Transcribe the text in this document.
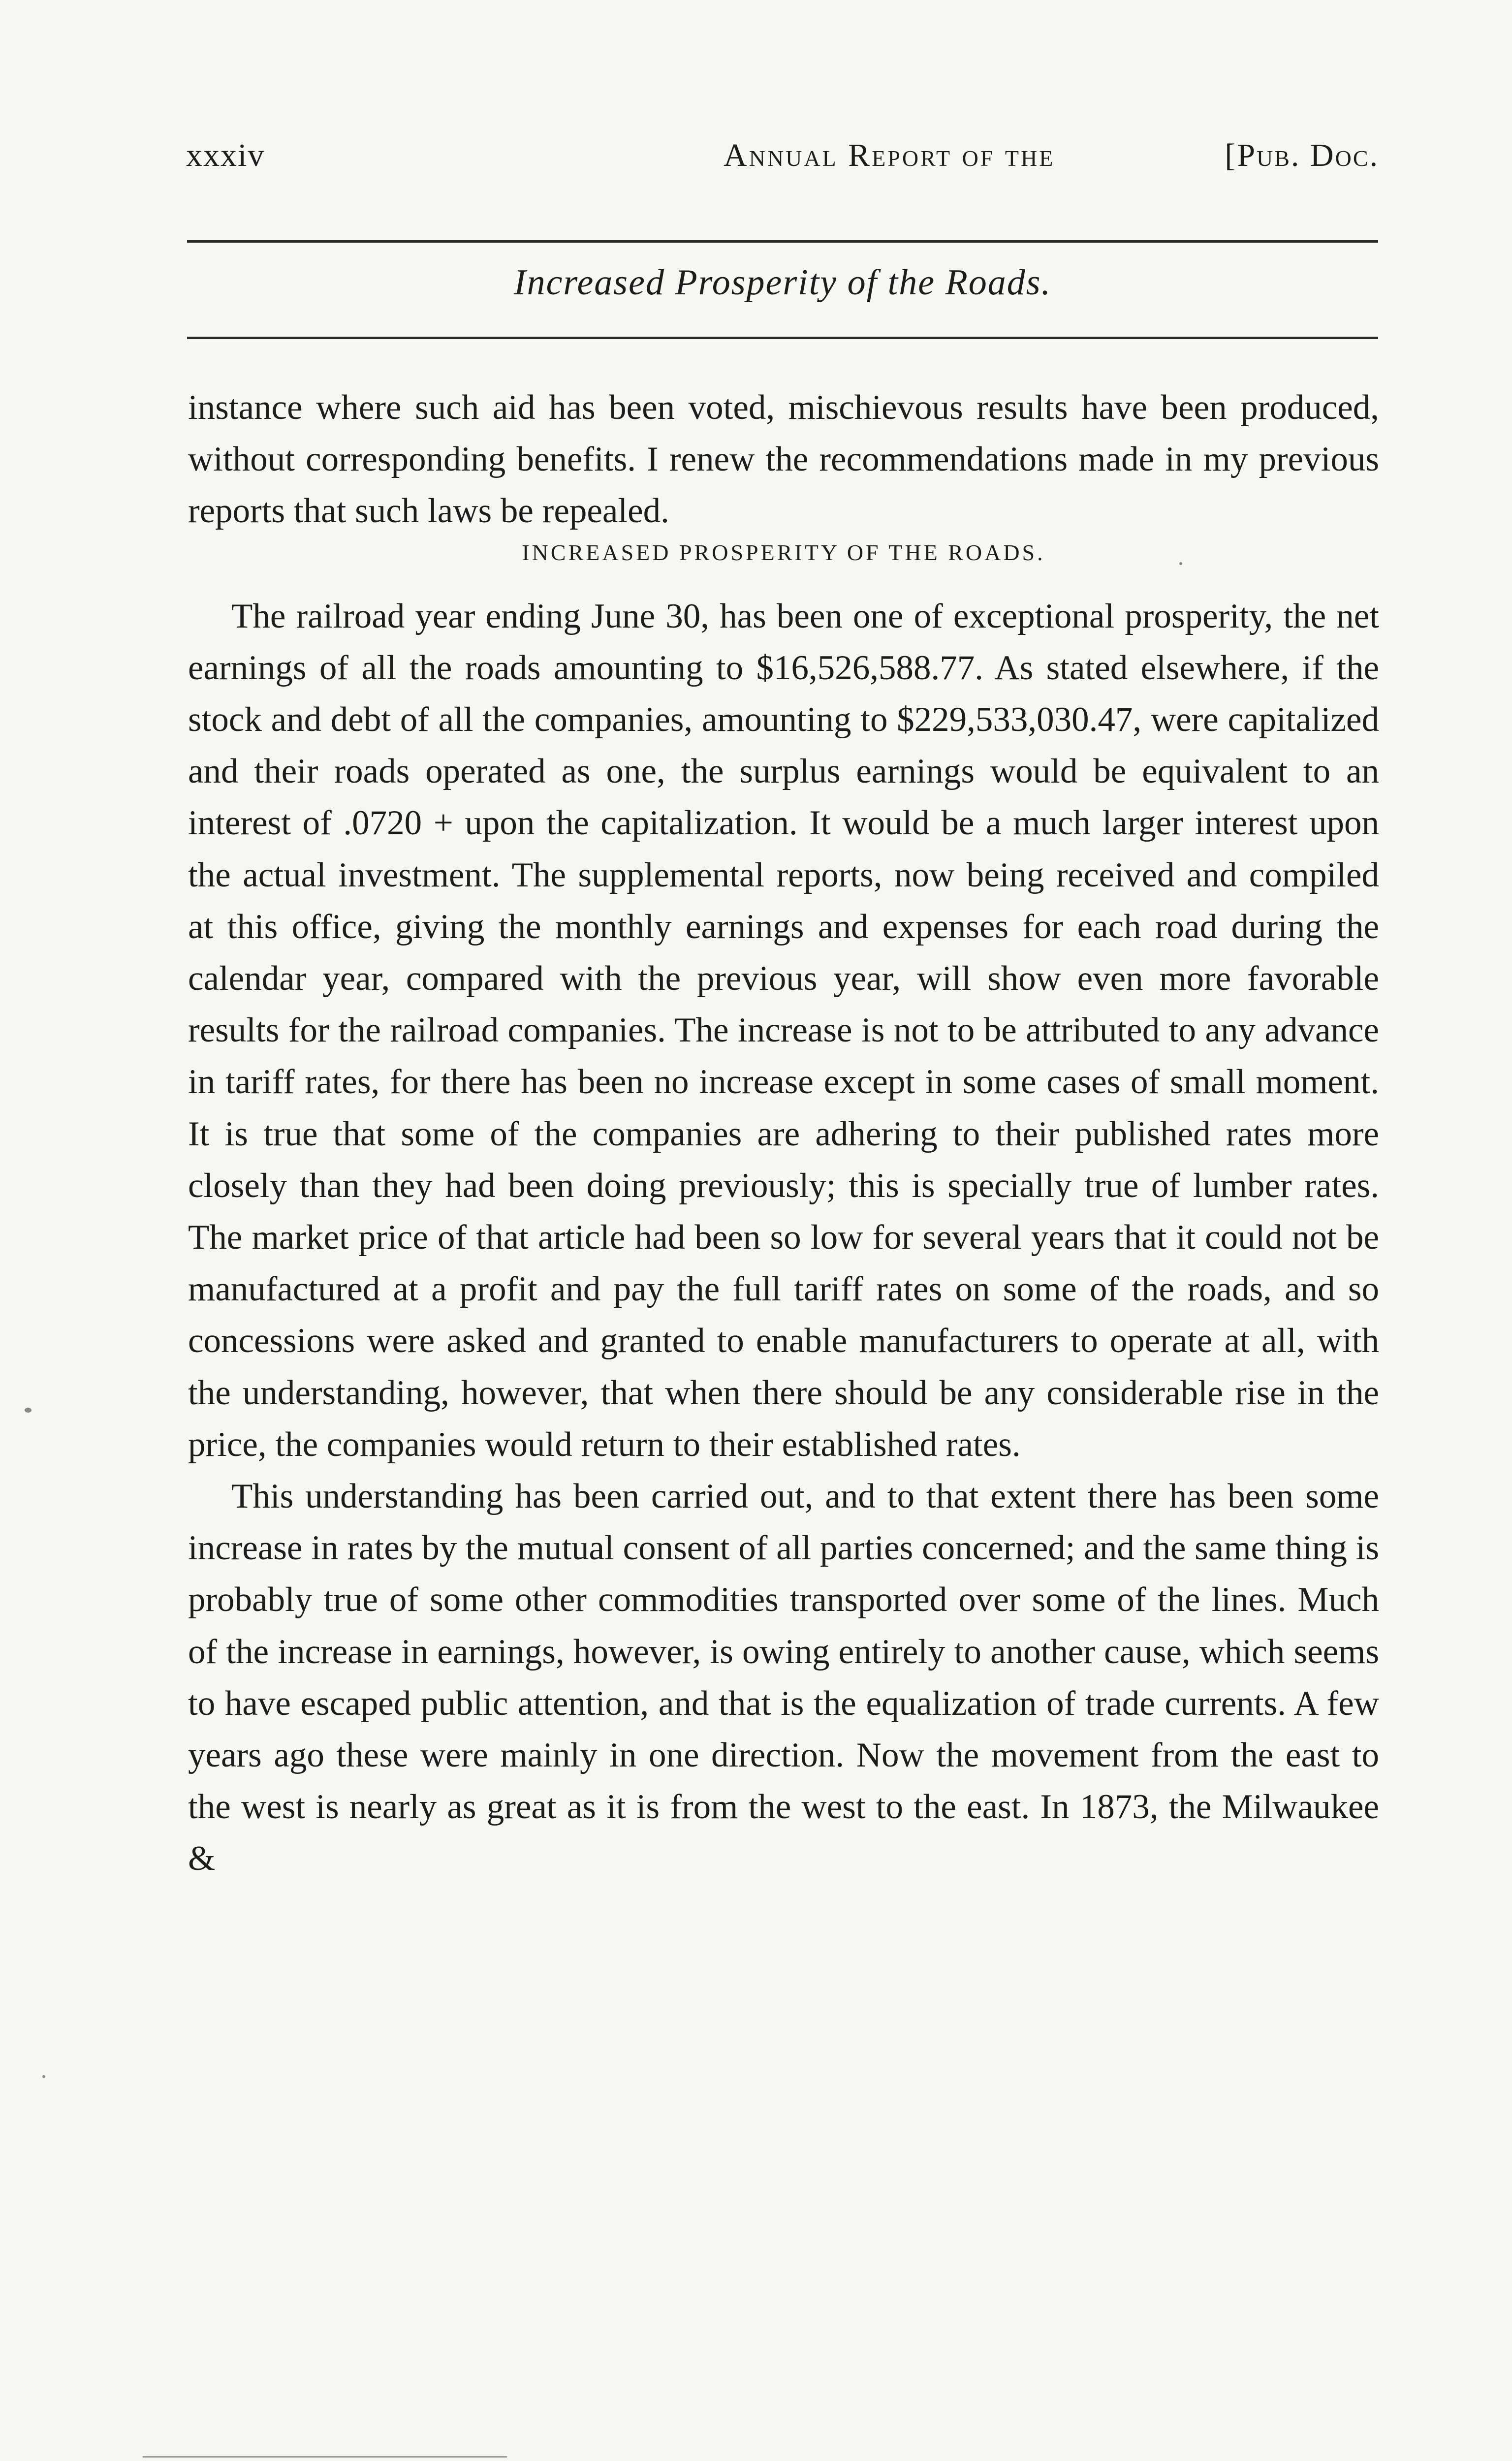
xxxiv	Annual Report of the	[Pub. Doc.
Increased Prosperity of the Roads.

instance where such aid has been voted, mischievous results have been produced, without corresponding benefits. I renew the recommendations made in my previous reports that such laws be repealed.

INCREASED PROSPERITY OF THE ROADS.

The railroad year ending June 30, has been one of exceptional prosperity, the net earnings of all the roads amounting to $16,526,588.77. As stated elsewhere, if the stock and debt of all the companies, amounting to $229,533,030.47, were capitalized and their roads operated as one, the surplus earnings would be equivalent to an interest of .0720 + upon the capitalization. It would be a much larger interest upon the actual investment. The supplemental reports, now being received and compiled at this office, giving the monthly earnings and expenses for each road during the calendar year, compared with the previous year, will show even more favorable results for the railroad companies. The increase is not to be attributed to any advance in tariff rates, for there has been no increase except in some cases of small moment. It is true that some of the companies are adhering to their published rates more closely than they had been doing previously; this is specially true of lumber rates. The market price of that article had been so low for several years that it could not be manufactured at a profit and pay the full tariff rates on some of the roads, and so concessions were asked and granted to enable manufacturers to operate at all, with the understanding, however, that when there should be any considerable rise in the price, the companies would return to their established rates.

This understanding has been carried out, and to that extent there has been some increase in rates by the mutual consent of all parties concerned; and the same thing is probably true of some other commodities transported over some of the lines. Much of the increase in earnings, however, is owing entirely to another cause, which seems to have escaped public attention, and that is the equalization of trade currents. A few years ago these were mainly in one direction. Now the movement from the east to the west is nearly as great as it is from the west to the east. In 1873, the Milwaukee &
